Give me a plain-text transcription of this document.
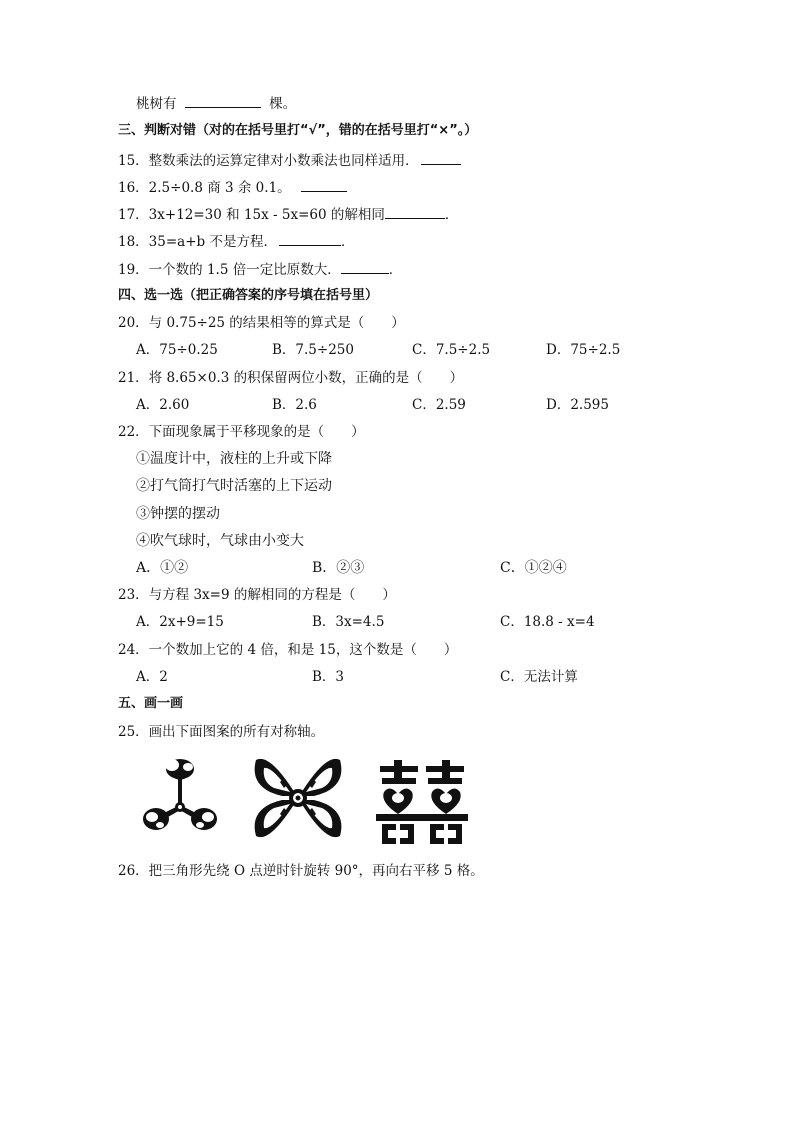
桃树有	棵。
三、判断对错（对的在括号里打“√”，错的在括号里打“×”。）
15．整数乘法的运算定律对小数乘法也同样适用．
16．2.5÷0.8 商 3 余 0.1。
17．3x+12=30 和 15x - 5x=60 的解相同	．
18．35=a+b 不是方程．	．
19．一个数的 1.5 倍一定比原数大．	．
四、选一选（把正确答案的序号填在括号里）
20．与 0.75÷25 的结果相等的算式是（　　）
A．75÷0.25	B．7.5÷250	C．7.5÷2.5	D．75÷2.5
21．将 8.65×0.3 的积保留两位小数，正确的是（　　）
A．2.60	B．2.6	C．2.59	D．2.595
22．下面现象属于平移现象的是（　　）
①温度计中，液柱的上升或下降
②打气筒打气时活塞的上下运动
③钟摆的摆动
④吹气球时，气球由小变大
A．①②	B．②③	C．①②④
23．与方程 3x=9 的解相同的方程是（　　）
A．2x+9=15	B．3x=4.5	C．18.8 - x=4
24．一个数加上它的 4 倍，和是 15，这个数是（　　）
A．2	B．3	C．无法计算
五、画一画
25．画出下面图案的所有对称轴。
26．把三角形先绕 O 点逆时针旋转 90°，再向右平移 5 格。
